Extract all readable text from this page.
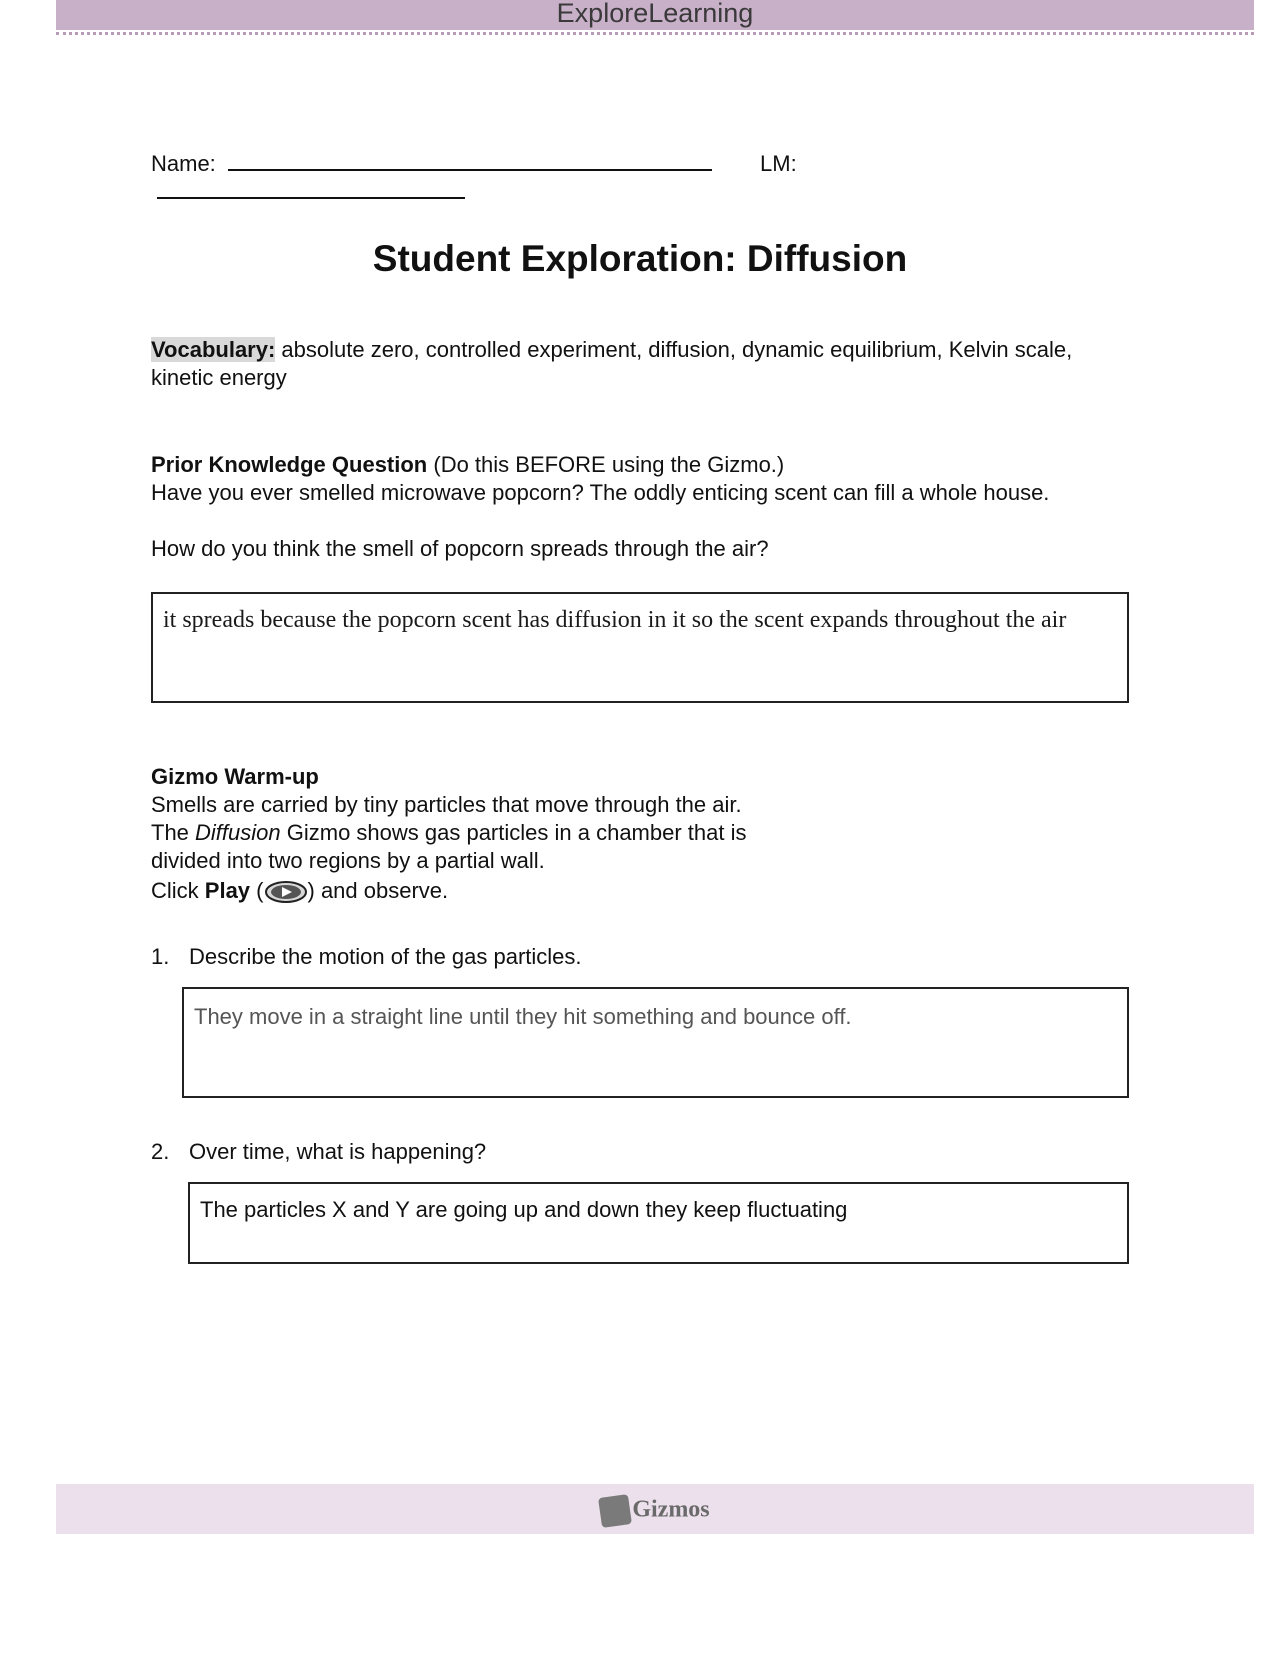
ExploreLearning
Name:	LM:
Student Exploration: Diffusion
Vocabulary: absolute zero, controlled experiment, diffusion, dynamic equilibrium, Kelvin scale, kinetic energy
Prior Knowledge Question (Do this BEFORE using the Gizmo.)
Have you ever smelled microwave popcorn? The oddly enticing scent can fill a whole house.
How do you think the smell of popcorn spreads through the air?
it spreads because the popcorn scent has diffusion in it so the scent expands throughout the air
Gizmo Warm-up
Smells are carried by tiny particles that move through the air. The Diffusion Gizmo shows gas particles in a chamber that is divided into two regions by a partial wall.
Click Play ( ) and observe.
1. Describe the motion of the gas particles.
They move in a straight line until they hit something and bounce off.
2. Over time, what is happening?
The particles X and Y are going up and down they keep fluctuating
Gizmos
